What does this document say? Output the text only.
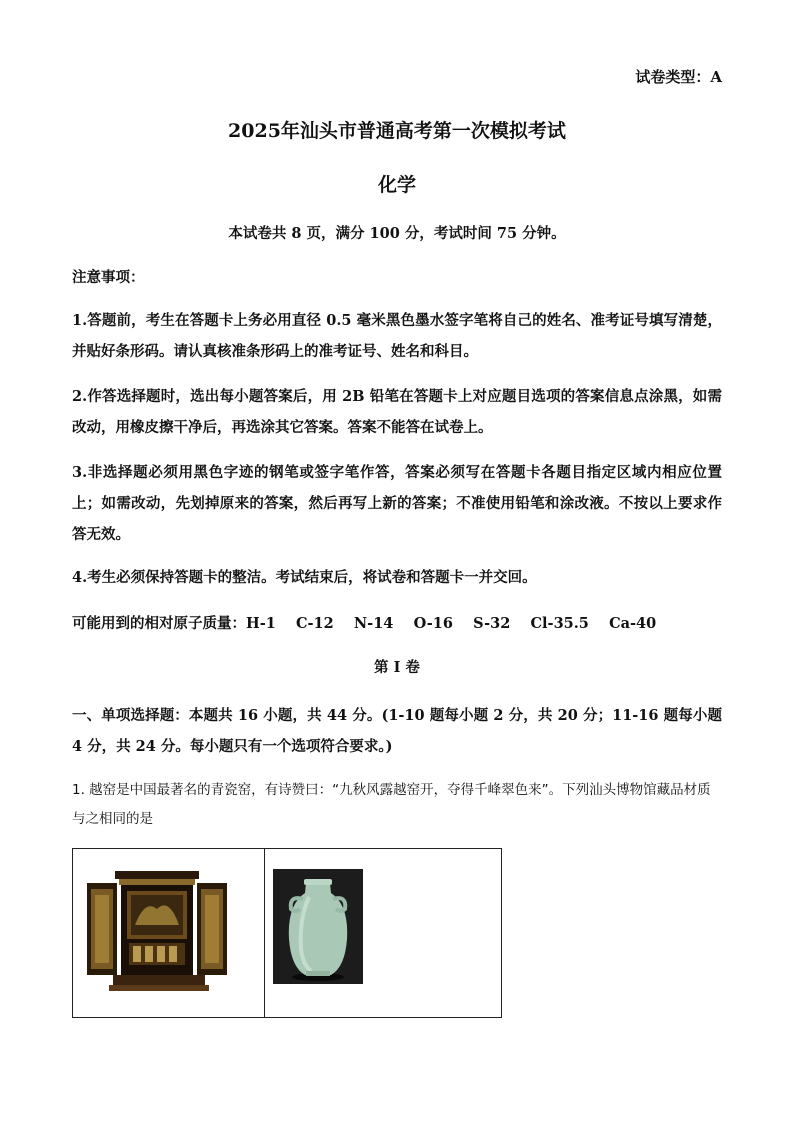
试卷类型：A
2025年汕头市普通高考第一次模拟考试
化学
本试卷共 8 页，满分 100 分，考试时间 75 分钟。
注意事项：
1.答题前，考生在答题卡上务必用直径 0.5 毫米黑色墨水签字笔将自己的姓名、准考证号填写清楚，并贴好条形码。请认真核准条形码上的准考证号、姓名和科目。
2.作答选择题时，选出每小题答案后，用 2B 铅笔在答题卡上对应题目选项的答案信息点涂黑，如需改动，用橡皮擦干净后，再选涂其它答案。答案不能答在试卷上。
3.非选择题必须用黑色字迹的钢笔或签字笔作答，答案必须写在答题卡各题目指定区域内相应位置上；如需改动，先划掉原来的答案，然后再写上新的答案；不准使用铅笔和涂改液。不按以上要求作答无效。
4.考生必须保持答题卡的整洁。考试结束后，将试卷和答题卡一并交回。
可能用到的相对原子质量：H-1    C-12    N-14    O-16    S-32    Cl-35.5    Ca-40
第 I 卷
一、单项选择题：本题共 16 小题，共 44 分。(1-10 题每小题 2 分，共 20 分；11-16 题每小题 4 分，共 24 分。每小题只有一个选项符合要求。)
1. 越窑是中国最著名的青瓷窑，有诗赞曰：“九秋风露越窑开，夺得千峰翠色来”。下列汕头博物馆藏品材质与之相同的是
